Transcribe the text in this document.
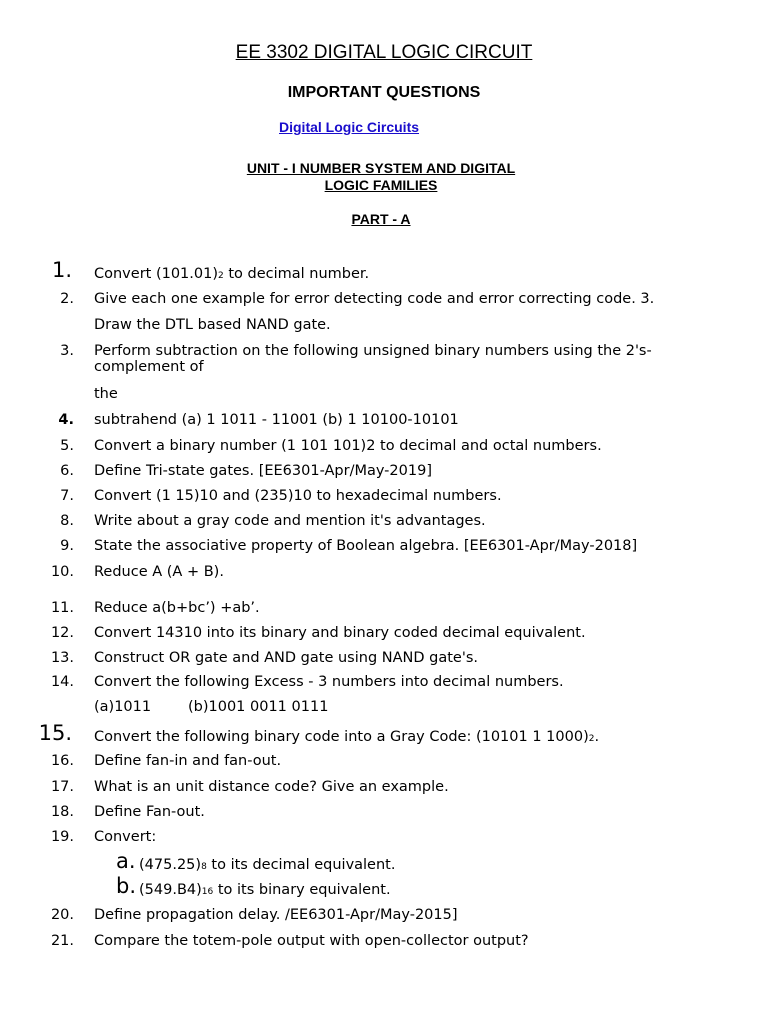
EE 3302 DIGITAL LOGIC CIRCUIT
IMPORTANT QUESTIONS
Digital Logic Circuits
UNIT - I NUMBER SYSTEM AND DIGITAL
LOGIC FAMILIES
PART - A
1. Convert (101.01)2 to decimal number.
2. Give each one example for error detecting code and error correcting code. 3.
Draw the DTL based NAND gate.
3. Perform subtraction on the following unsigned binary numbers using the 2's-complement of
the
4. subtrahend (a) 1 1011 - 11001 (b) 1 10100-10101
5. Convert a binary number (1 101 101)2 to decimal and octal numbers.
6. Define Tri-state gates. [EE6301-Apr/May-2019]
7. Convert (1 15)10 and (235)10 to hexadecimal numbers.
8. Write about a gray code and mention it's advantages.
9. State the associative property of Boolean algebra. [EE6301-Apr/May-2018]
10. Reduce A (A + B).
11. Reduce a(b+bc’) +ab’.
12. Convert 14310 into its binary and binary coded decimal equivalent.
13. Construct OR gate and AND gate using NAND gate's.
14. Convert the following Excess - 3 numbers into decimal numbers.
(a)1011        (b)1001 0011 0111
15. Convert the following binary code into a Gray Code: (10101 1 1000)2.
16. Define fan-in and fan-out.
17. What is an unit distance code? Give an example.
18. Define Fan-out.
19. Convert:
a. (475.25)8 to its decimal equivalent.
b. (549.B4)16 to its binary equivalent.
20. Define propagation delay. /EE6301-Apr/May-2015]
21. Compare the totem-pole output with open-collector output?
